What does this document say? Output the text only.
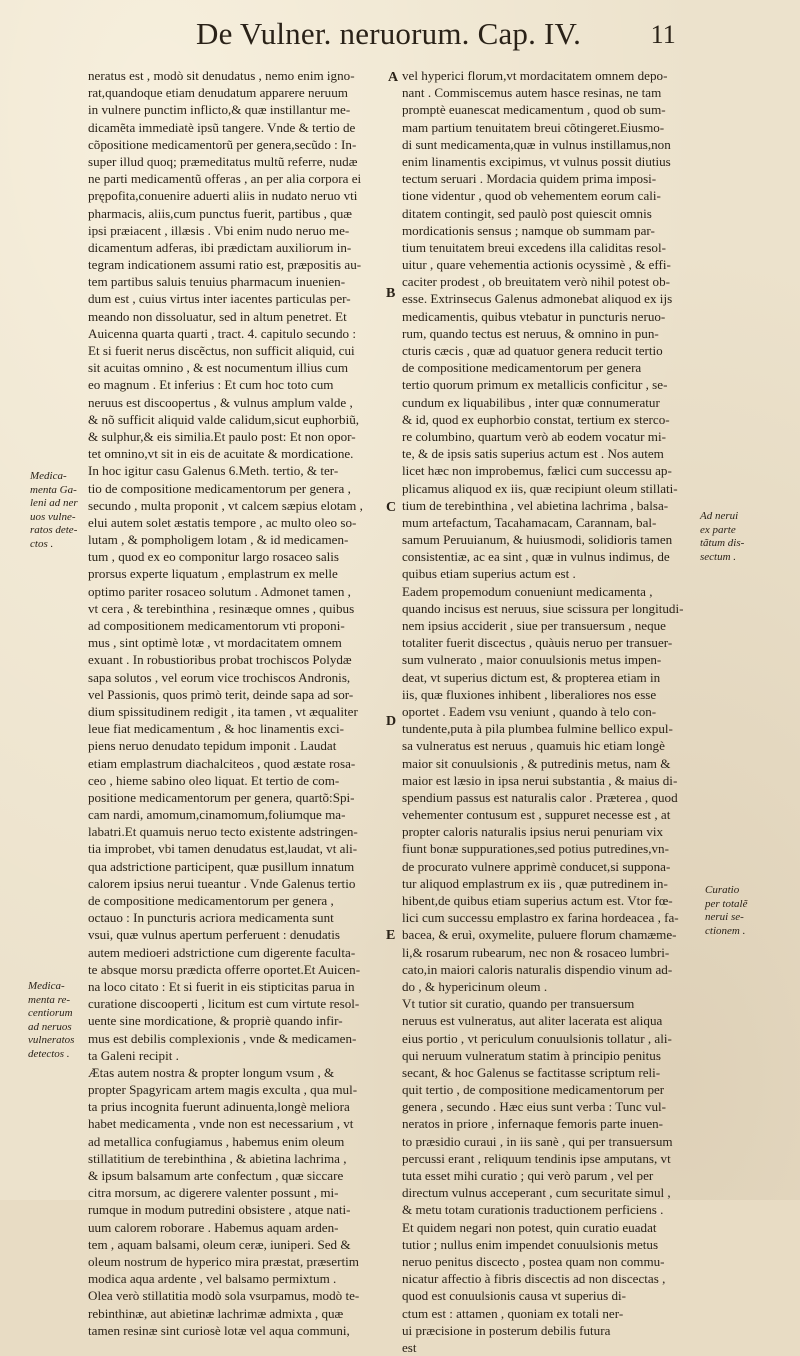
De Vulner. neruorum. Cap. IV.	11
neratus est , modò sit denudatus , nemo enim igno-
rat,quandoque etiam denudatum apparere neruum
in vulnere punctim inflicto,& quæ instillantur me-
dicamẽta immediatè ipsũ tangere. Vnde & tertio de
cõpositione medicamentorũ per genera,secũdo : In-
super illud quoq; præmeditatus multũ referre, nudæ
ne parti medicamentũ offeras , an per alia corpora ei
prępofita,conuenire aduerti aliis in nudato neruo vti
pharmacis, aliis,cum punctus fuerit, partibus , quæ
ipsi præiacent , illæsis . Vbi enim nudo neruo me-
dicamentum adferas, ibi prædictam auxiliorum in-
tegram indicationem assumi ratio est, præpositis au-
tem partibus saluis tenuius pharmacum inuenien-
dum est , cuius virtus inter iacentes particulas per-
meando non dissoluatur, sed in altum penetret. Et
Auicenna quarta quarti , tract. 4. capitulo secundo :
Et si fuerit nerus discẽctus, non sufficit aliquid, cui
sit acuitas omnino , & est nocumentum illius cum
eo magnum . Et inferius : Et cum hoc toto cum
neruus est discoopertus , & vulnus amplum valde ,
& nõ sufficit aliquid valde calidum,sicut euphorbiũ,
& sulphur,& eis similia.Et paulo post: Et non opor-
tet omnino,vt sit in eis de acuitate & mordicatione.
In hoc igitur casu Galenus 6.Meth. tertio, & ter-
tio de compositione medicamentorum per genera ,
secundo , multa proponit , vt calcem sæpius elotam ,
elui autem solet æstatis tempore , ac multo oleo so-
lutam , & pompholigem lotam , & id medicamen-
tum , quod ex eo componitur largo rosaceo salis
prorsus experte liquatum , emplastrum ex melle
optimo pariter rosaceo solutum . Admonet tamen ,
vt cera , & terebinthina , resinæque omnes , quibus
ad compositionem medicamentorum vti proponi-
mus , sint optimè lotæ , vt mordacitatem omnem
exuant . In robustioribus probat trochiscos Polydæ
sapa solutos , vel eorum vice trochiscos Andronis,
vel Passionis, quos primò terit, deinde sapa ad sor-
dium spissitudinem redigit , ita tamen , vt æqualiter
leue fiat medicamentum , & hoc linamentis exci-
piens neruo denudato tepidum imponit . Laudat
etiam emplastrum diachalciteos , quod æstate rosa-
ceo , hieme sabino oleo liquat. Et tertio de com-
positione medicamentorum per genera, quartõ:Spi-
cam nardi, amomum,cinamomum,foliumque ma-
labatri.Et quamuis neruo tecto existente adstringen-
tia improbet, vbi tamen denudatus est,laudat, vt ali-
qua adstrictione participent, quæ pusillum innatum
calorem ipsius nerui tueantur . Vnde Galenus tertio
de compositione medicamentorum per genera ,
octauo : In puncturis acriora medicamenta sunt
vsui, quæ vulnus apertum perferuent : denudatis
autem medioeri adstrictione cum digerente faculta-
te absque morsu prædicta offerre oportet.Et Auicen-
na loco citato : Et si fuerit in eis stipticitas parua in
curatione discooperti , licitum est cum virtute resol-
uente sine mordicatione, & propriè quando infir-
mus est debilis complexionis , vnde & medicamen-
ta Galeni recipit .
Ætas autem nostra & propter longum vsum , &
propter Spagyricam artem magis exculta , qua mul-
ta prius incognita fuerunt adinuenta,longè meliora
habet medicamenta , vnde non est necessarium , vt
ad metallica confugiamus , habemus enim oleum
stillatitium de terebinthina , & abietina lachrima ,
& ipsum balsamum arte confectum , quæ siccare
citra morsum, ac digerere valenter possunt , mi-
rumque in modum putredini obsistere , atque nati-
uum calorem roborare . Habemus aquam arden-
tem , aquam balsami, oleum ceræ, iuniperi. Sed &
oleum nostrum de hyperico mira præstat, præsertim
modica aqua ardente , vel balsamo permixtum .
Olea verò stillatitia modò sola vsurpamus, modò te-
rebinthinæ, aut abietinæ lachrimæ admixta , quæ
tamen resinæ sint curiosè lotæ vel aqua communi,
vel hyperici florum,vt mordacitatem omnem depo-
nant . Commiscemus autem hasce resinas, ne tam
promptè euanescat medicamentum , quod ob sum-
mam partium tenuitatem breui cõtingeret.Eiusmo-
di sunt medicamenta,quæ in vulnus instillamus,non
enim linamentis excipimus, vt vulnus possit diutius
tectum seruari . Mordacia quidem prima imposi-
tione videntur , quod ob vehementem eorum cali-
ditatem contingit, sed paulò post quiescit omnis
mordicationis sensus ; namque ob summam par-
tium tenuitatem breui excedens illa caliditas resol-
uitur , quare vehementia actionis ocyssimè , & effi-
caciter prodest , ob breuitatem verò nihil potest ob-
esse. Extrinsecus Galenus admonebat aliquod ex ijs
medicamentis, quibus vtebatur in puncturis neruo-
rum, quando tectus est neruus, & omnino in pun-
cturis cæcis , quæ ad quatuor genera reducit tertio
de compositione medicamentorum per genera
tertio quorum primum ex metallicis conficitur , se-
cundum ex liquabilibus , inter quæ connumeratur
& id, quod ex euphorbio constat, tertium ex sterco-
re columbino, quartum verò ab eodem vocatur mi-
te, & de ipsis satis superius actum est . Nos autem
licet hæc non improbemus, fælici cum successu ap-
plicamus aliquod ex iis, quæ recipiunt oleum stillati-
tium de terebinthina , vel abietina lachrima , balsa-
mum artefactum, Tacahamacam, Carannam, bal-
samum Peruuianum, & huiusmodi, solidioris tamen
consistentiæ, ac ea sint , quæ in vulnus indimus, de
quibus etiam superius actum est .
Eadem propemodum conueniunt medicamenta ,
quando incisus est neruus, siue scissura per longitudi-
nem ipsius acciderit , siue per transuersum , neque
totaliter fuerit discectus , quàuis neruo per transuer-
sum vulnerato , maior conuulsionis metus impen-
deat, vt superius dictum est, & propterea etiam in
iis, quæ fluxiones inhibent , liberaliores nos esse
oportet . Eadem vsu veniunt , quando à telo con-
tundente,puta à pila plumbea fulmine bellico expul-
sa vulneratus est neruus , quamuis hic etiam longè
maior sit conuulsionis , & putredinis metus, nam &
maior est læsio in ipsa nerui substantia , & maius di-
spendium passus est naturalis calor . Præterea , quod
vehementer contusum est , suppuret necesse est , at
propter caloris naturalis ipsius nerui penuriam vix
fiunt bonæ suppurationes,sed potius putredines,vn-
de procurato vulnere apprimè conducet,si suppona-
tur aliquod emplastrum ex iis , quæ putredinem in-
hibent,de quibus etiam superius actum est. Vtor fœ-
lici cum successu emplastro ex farina hordeacea , fa-
bacea, & eruì, oxymelite, puluere florum chamæme-
li,& rosarum rubearum, nec non & rosaceo lumbri-
cato,in maiori caloris naturalis dispendio vinum ad-
do , & hypericinum oleum .
Vt tutior sit curatio, quando per transuersum
neruus est vulneratus, aut aliter lacerata est aliqua
eius portio , vt periculum conuulsionis tollatur , ali-
qui neruum vulneratum statim à principio penitus
secant, & hoc Galenus se factitasse scriptum reli-
quit tertio , de compositione medicamentorum per
genera , secundo . Hæc eius sunt verba : Tunc vul-
neratos in priore , infernaque femoris parte inuen-
to præsidio curaui , in iis sanè , qui per transuersum
percussi erant , reliquum tendinis ipse amputans, vt
tuta esset mihi curatio ; qui verò parum , vel per
directum vulnus acceperant , cum securitate simul ,
& metu totam curationis traductionem perficiens .
Et quidem negari non potest, quin curatio euadat
tutior ; nullus enim impendet conuulsionis metus
neruo penitus discecto , postea quam non commu-
nicatur affectio à fibris discectis ad non discectas ,
quod est conuulsionis causa vt superius di-
ctum est : attamen , quoniam ex totali ner-
ui præcisione in posterum debilis futura
est
A
B
C
D
E
Medica-
menta Ga-
leni ad ner
uos vulne-
ratos dete-
ctos .
Medica-
menta re-
centiorum
ad neruos
vulneratos
detectos .
Ad nerui
ex parte
tãtum dis-
sectum .
Curatio
per totalẽ
nerui se-
ctionem .
